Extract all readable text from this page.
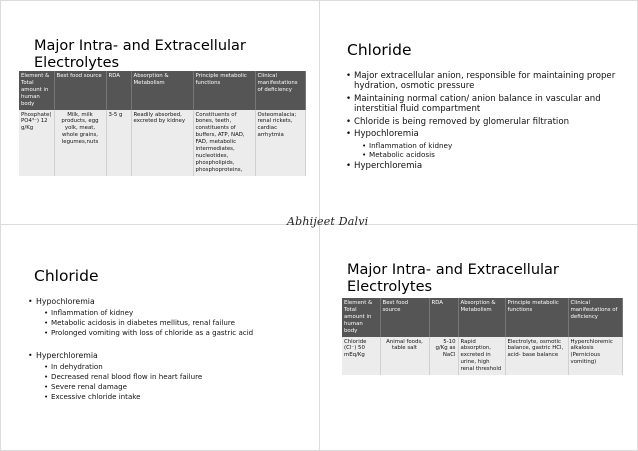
Major Intra- and Extracellular
Electrolytes
Element & Total amount in human body	Best food source	RDA	Absorption & Metabolism	Principle metabolic functions	Clinical manifestations of deficiency
Phosphate( PO4³⁻) 12 g/Kg	Milk, milk products, egg yolk, meat, whole grains, legumes,nuts	3-5 g	Readily absorbed, excreted by kidney	Constituents of bones, teeth, constituents of buffers, ATP, NAD, FAD, metabolic intermediates, nucleotides, phospholipids, phosphoproteins,	Osteomalacia; renal rickets, cardiac arrhytmia
Chloride
• Major extracellular anion, responsible for maintaining proper hydration, osmotic pressure
• Maintaining normal cation/ anion balance in vascular and interstitial fluid compartment
• Chloride is being removed by glomerular filtration
• Hypochloremia
• Inflammation of kidney
• Metabolic acidosis
• Hyperchloremia
Chloride
• Hypochloremia
• Inflammation of kidney
• Metabolic acidosis in diabetes mellitus, renal failure
• Prolonged vomiting with loss of chloride as a gastric acid
• Hyperchloremia
• In dehydration
• Decreased renal blood flow in heart failure
• Severe renal damage
• Excessive chloride intake
Major Intra- and Extracellular
Electrolytes
Element & Total amount in human body	Best food source	RDA	Absorption & Metabolism	Principle metabolic functions	Clinical manifestations of deficiency
Chloride (Cl⁻) 50 mEq/Kg	Animal foods, table salt	5-10 g/Kg as NaCl	Rapid absorption, excreted in urine, high renal threshold	Electrolyte, osmotic balance, gastric HCl, acid- base balance	Hyperchloremic alkalosis (Pernicious vomiting)
Abhijeet Dalvi
